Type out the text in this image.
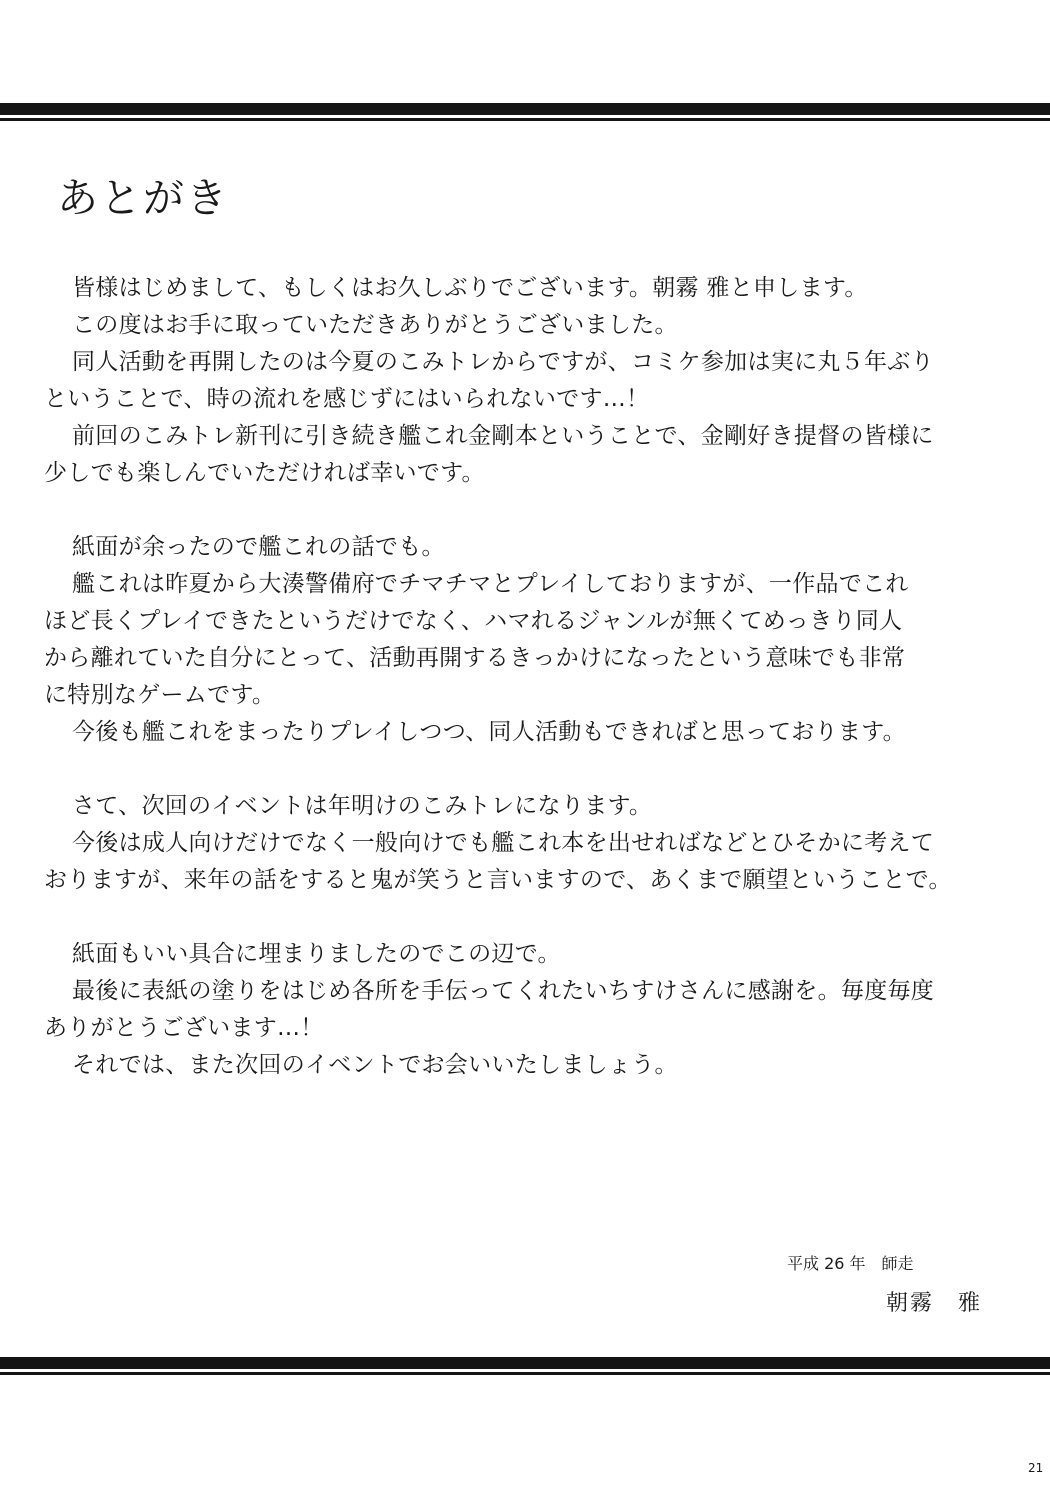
あとがき
皆様はじめまして、もしくはお久しぶりでございます。朝霧 雅と申します。
この度はお手に取っていただきありがとうございました。
同人活動を再開したのは今夏のこみトレからですが、コミケ参加は実に丸５年ぶり
ということで、時の流れを感じずにはいられないです…！
前回のこみトレ新刊に引き続き艦これ金剛本ということで、金剛好き提督の皆様に
少しでも楽しんでいただければ幸いです。
紙面が余ったので艦これの話でも。
艦これは昨夏から大湊警備府でチマチマとプレイしておりますが、一作品でこれ
ほど長くプレイできたというだけでなく、ハマれるジャンルが無くてめっきり同人
から離れていた自分にとって、活動再開するきっかけになったという意味でも非常
に特別なゲームです。
今後も艦これをまったりプレイしつつ、同人活動もできればと思っております。
さて、次回のイベントは年明けのこみトレになります。
今後は成人向けだけでなく一般向けでも艦これ本を出せればなどとひそかに考えて
おりますが、来年の話をすると鬼が笑うと言いますので、あくまで願望ということで。
紙面もいい具合に埋まりましたのでこの辺で。
最後に表紙の塗りをはじめ各所を手伝ってくれたいちすけさんに感謝を。毎度毎度
ありがとうございます…！
それでは、また次回のイベントでお会いいたしましょう。
平成 26 年　師走
朝霧　雅
21
